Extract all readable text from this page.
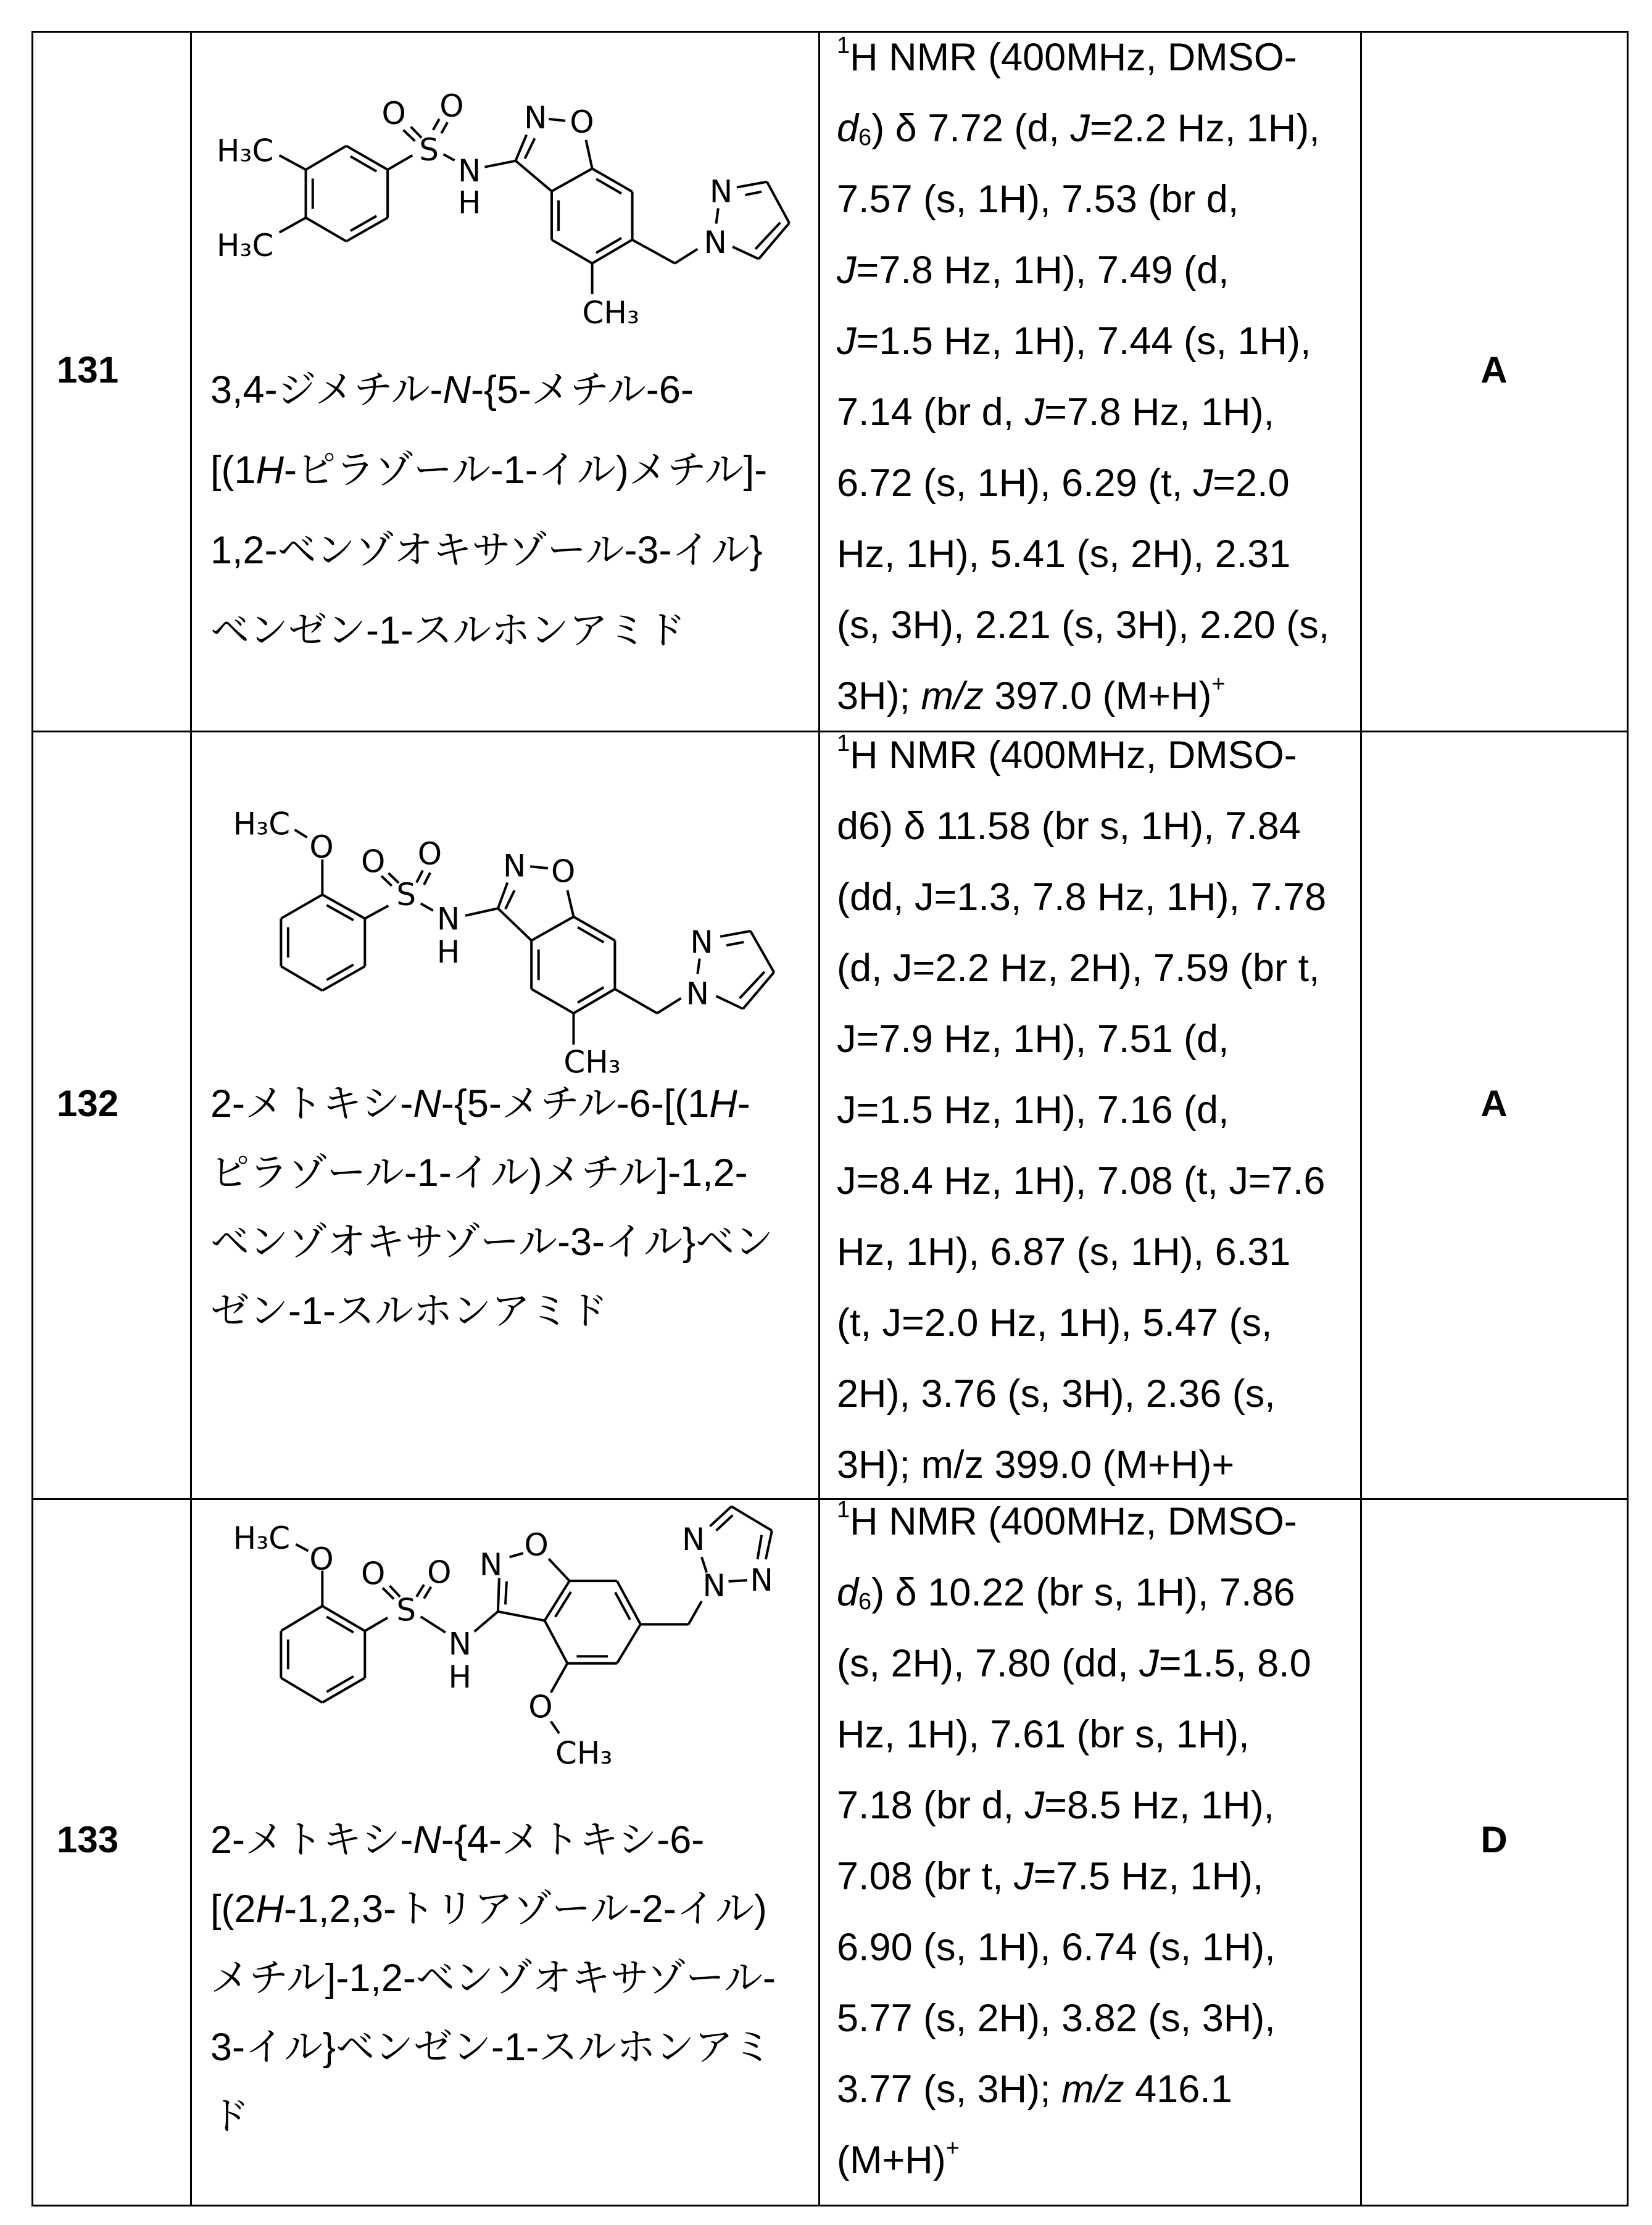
131
H₃C
H₃C
O O
S
N
H
N O
N
N
CH₃
3,4-ジメチル-N-{5-メチル-6-
[(1H-ピラゾール-1-イル)メチル]-
1,2-ベンゾオキサゾール-3-イル}
ベンゼン-1-スルホンアミド
1H NMR (400MHz, DMSO-
d6) δ 7.72 (d, J=2.2 Hz, 1H),
7.57 (s, 1H), 7.53 (br d,
J=7.8 Hz, 1H), 7.49 (d,
J=1.5 Hz, 1H), 7.44 (s, 1H),
7.14 (br d, J=7.8 Hz, 1H),
6.72 (s, 1H), 6.29 (t, J=2.0
Hz, 1H), 5.41 (s, 2H), 2.31
(s, 3H), 2.21 (s, 3H), 2.20 (s,
3H); m/z 397.0 (M+H)+
A
132
H₃C
O O O
S
N
H
N O
N
N
CH₃
2-メトキシ-N-{5-メチル-6-[(1H-
ピラゾール-1-イル)メチル]-1,2-
ベンゾオキサゾール-3-イル}ベン
ゼン-1-スルホンアミド
1H NMR (400MHz, DMSO-
d6) δ 11.58 (br s, 1H), 7.84
(dd, J=1.3, 7.8 Hz, 1H), 7.78
(d, J=2.2 Hz, 2H), 7.59 (br t,
J=7.9 Hz, 1H), 7.51 (d,
J=1.5 Hz, 1H), 7.16 (d,
J=8.4 Hz, 1H), 7.08 (t, J=7.6
Hz, 1H), 6.87 (s, 1H), 6.31
(t, J=2.0 Hz, 1H), 5.47 (s,
2H), 3.76 (s, 3H), 2.36 (s,
3H); m/z 399.0 (M+H)+
A
133
H₃C
O O O
S
N
H
N
O N
N N
O
CH₃
2-メトキシ-N-{4-メトキシ-6-
[(2H-1,2,3-トリアゾール-2-イル)
メチル]-1,2-ベンゾオキサゾール-
3-イル}ベンゼン-1-スルホンアミ
ド
1H NMR (400MHz, DMSO-
d6) δ 10.22 (br s, 1H), 7.86
(s, 2H), 7.80 (dd, J=1.5, 8.0
Hz, 1H), 7.61 (br s, 1H),
7.18 (br d, J=8.5 Hz, 1H),
7.08 (br t, J=7.5 Hz, 1H),
6.90 (s, 1H), 6.74 (s, 1H),
5.77 (s, 2H), 3.82 (s, 3H),
3.77 (s, 3H); m/z 416.1
(M+H)+
D
